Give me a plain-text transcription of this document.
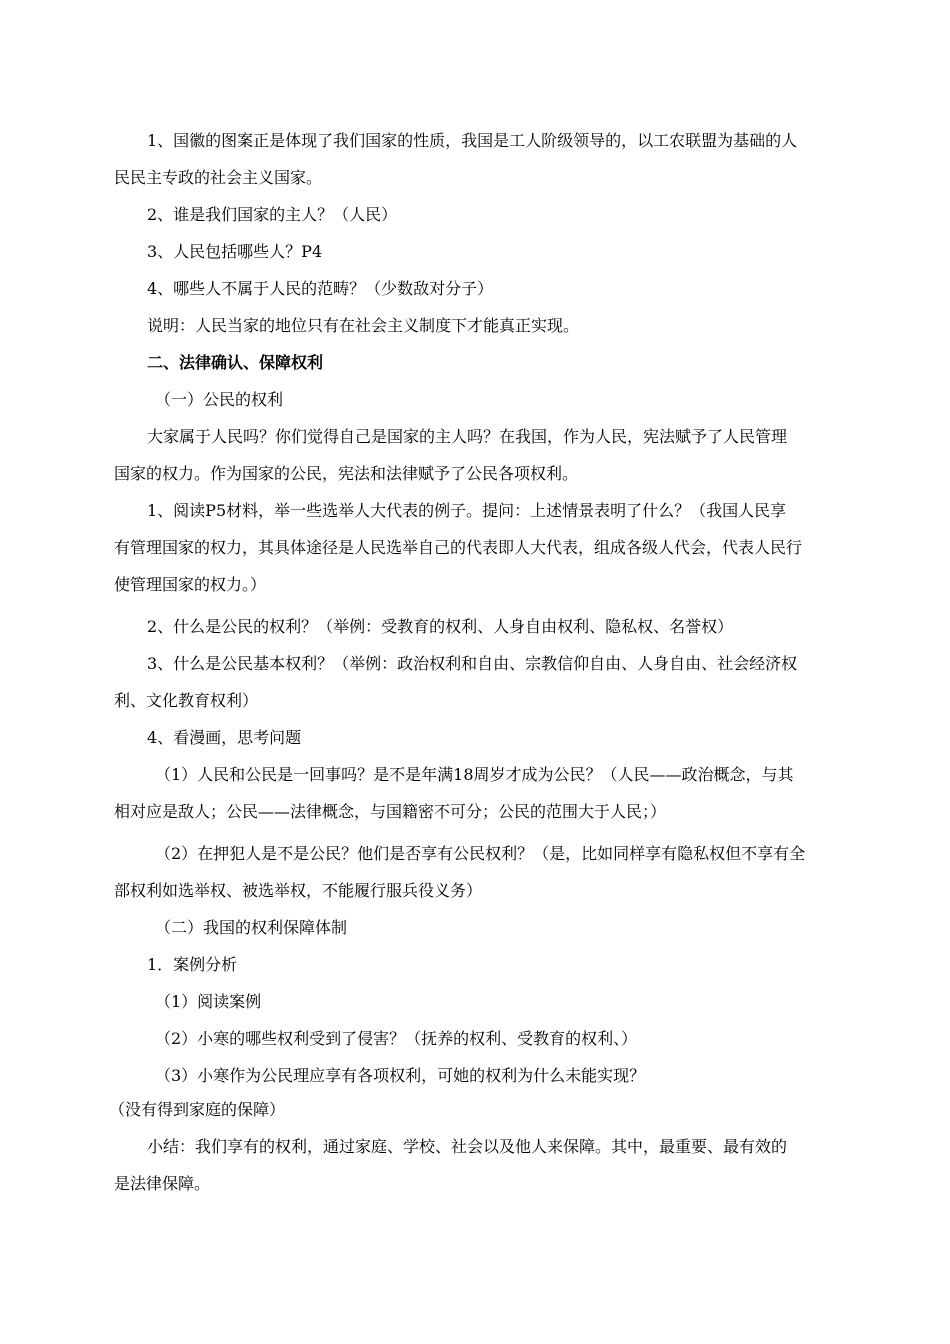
1、国徽的图案正是体现了我们国家的性质，我国是工人阶级领导的，以工农联盟为基础的人
民民主专政的社会主义国家。
2、谁是我们国家的主人？（人民）
3、人民包括哪些人？P4
4、哪些人不属于人民的范畴？（少数敌对分子）
说明：人民当家的地位只有在社会主义制度下才能真正实现。
二、法律确认、保障权利
（一）公民的权利
大家属于人民吗？你们觉得自己是国家的主人吗？在我国，作为人民，宪法赋予了人民管理
国家的权力。作为国家的公民，宪法和法律赋予了公民各项权利。
1、阅读P5材料，举一些选举人大代表的例子。提问：上述情景表明了什么？（我国人民享
有管理国家的权力，其具体途径是人民选举自己的代表即人大代表，组成各级人代会，代表人民行
使管理国家的权力。）
2、什么是公民的权利？（举例：受教育的权利、人身自由权利、隐私权、名誉权）
3、什么是公民基本权利？（举例：政治权利和自由、宗教信仰自由、人身自由、社会经济权
利、文化教育权利）
4、看漫画，思考问题
（1）人民和公民是一回事吗？是不是年满18周岁才成为公民？（人民——政治概念，与其
相对应是敌人；公民——法律概念，与国籍密不可分；公民的范围大于人民；）
（2）在押犯人是不是公民？他们是否享有公民权利？（是，比如同样享有隐私权但不享有全
部权利如选举权、被选举权，不能履行服兵役义务）
（二）我国的权利保障体制
1．案例分析
（1）阅读案例
（2）小寒的哪些权利受到了侵害？（抚养的权利、受教育的权利、）
（3）小寒作为公民理应享有各项权利，可她的权利为什么未能实现？
（没有得到家庭的保障）
小结：我们享有的权利，通过家庭、学校、社会以及他人来保障。其中，最重要、最有效的
是法律保障。
